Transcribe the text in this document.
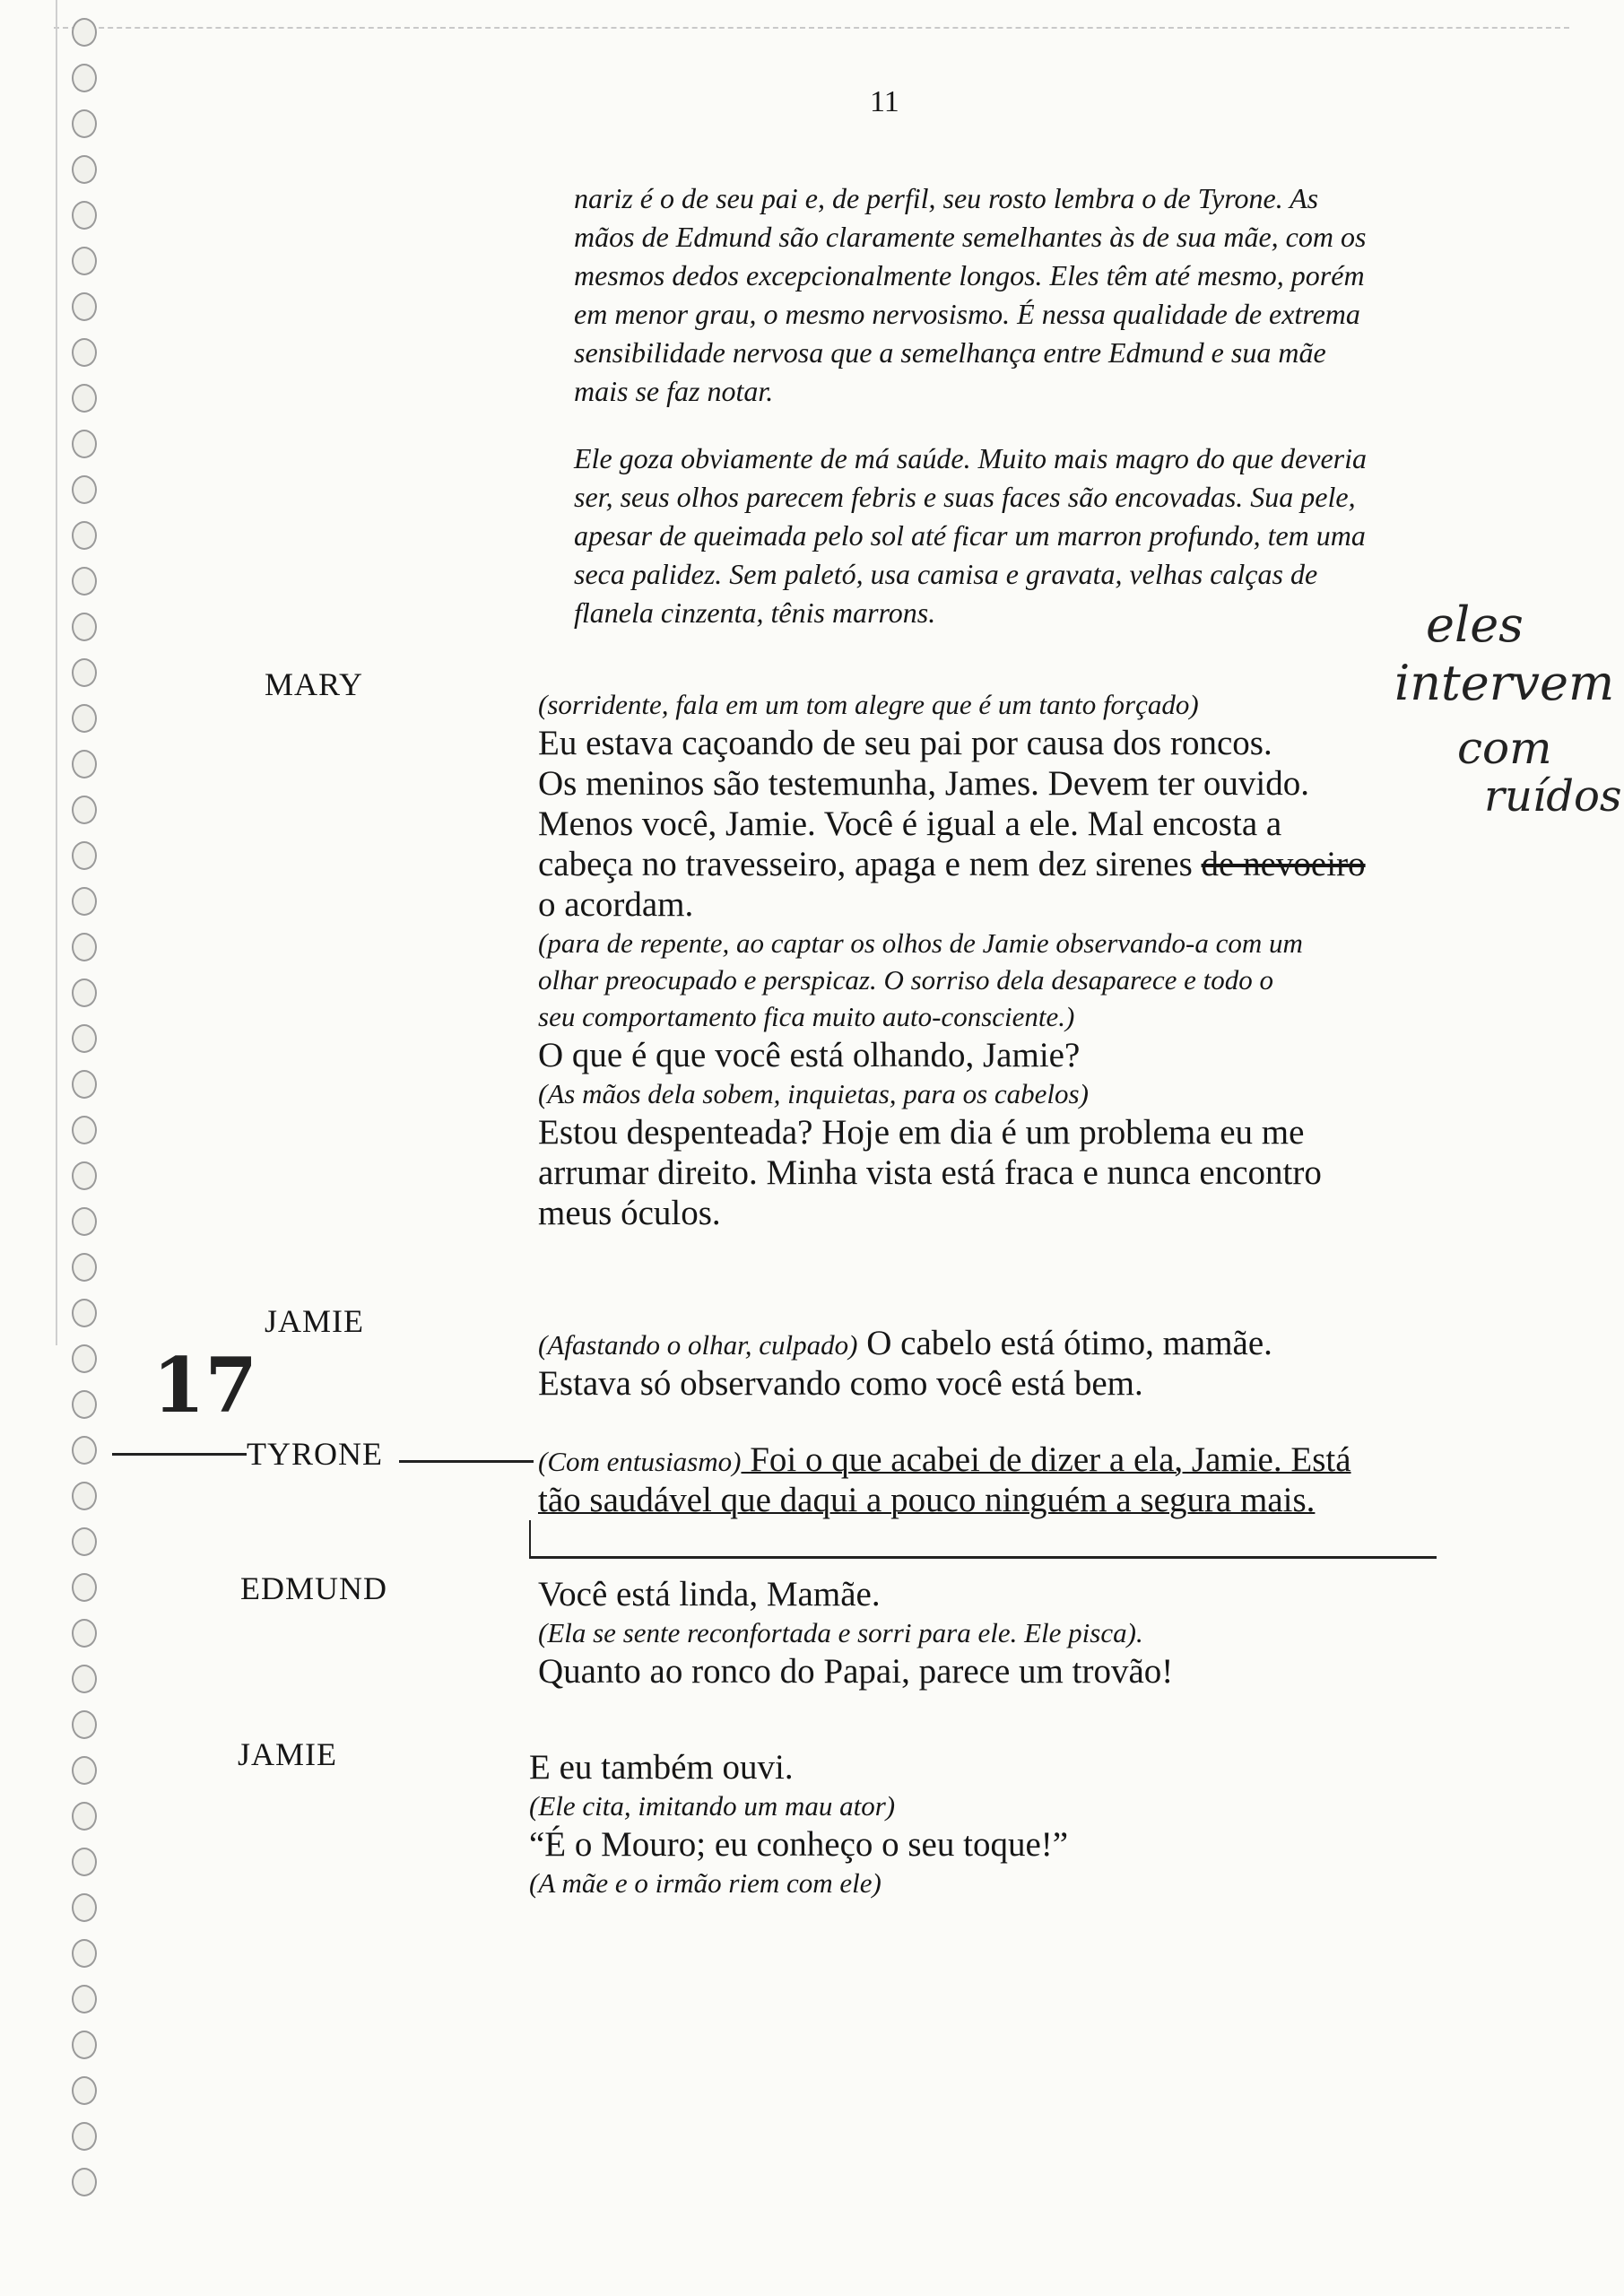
11

nariz é o de seu pai e, de perfil, seu rosto lembra o de Tyrone. As

mãos de Edmund são claramente semelhantes às de sua mãe, com os

mesmos dedos excepcionalmente longos. Eles têm até mesmo, porém

em menor grau, o mesmo nervosismo. É nessa qualidade de extrema

sensibilidade nervosa que a semelhança entre Edmund e sua mãe

mais se faz notar.

Ele goza obviamente de má saúde. Muito mais magro do que deveria

ser, seus olhos parecem febris e suas faces são encovadas. Sua pele,

apesar de queimada pelo sol até ficar um marron profundo, tem uma

seca palidez. Sem paletó, usa camisa e gravata, velhas calças de

flanela cinzenta, tênis marrons.

MARY
(sorridente, fala em um tom alegre que é um tanto forçado)
Eu estava caçoando de seu pai por causa dos roncos.
Os meninos são testemunha, James. Devem ter ouvido.
Menos você, Jamie. Você é igual a ele. Mal encosta a
cabeça no travesseiro, apaga e nem dez sirenes de nevoeiro
o acordam.
(para de repente, ao captar os olhos de Jamie observando-a com um
olhar preocupado e perspicaz. O sorriso dela desaparece e todo o
seu comportamento fica muito auto-consciente.)
O que é que você está olhando, Jamie?
(As mãos dela sobem, inquietas, para os cabelos)
Estou despenteada? Hoje em dia é um problema eu me
arrumar direito. Minha vista está fraca e nunca encontro
meus óculos.
JAMIE
(Afastando o olhar, culpado) O cabelo está ótimo, mamãe.
Estava só observando como você está bem.
17
TYRONE	(Com entusiasmo) Foi o que acabei de dizer a ela, Jamie. Está
tão saudável que daqui a pouco ninguém a segura mais.
EDMUND	Você está linda, Mamãe.
(Ela se sente reconfortada e sorri para ele. Ele pisca).
Quanto ao ronco do Papai, parece um trovão!
JAMIE	E eu também ouvi.
(Ele cita, imitando um mau ator)
“É o Mouro; eu conheço o seu toque!”
(A mãe e o irmão riem com ele)
eles
intervem
com
ruídos
